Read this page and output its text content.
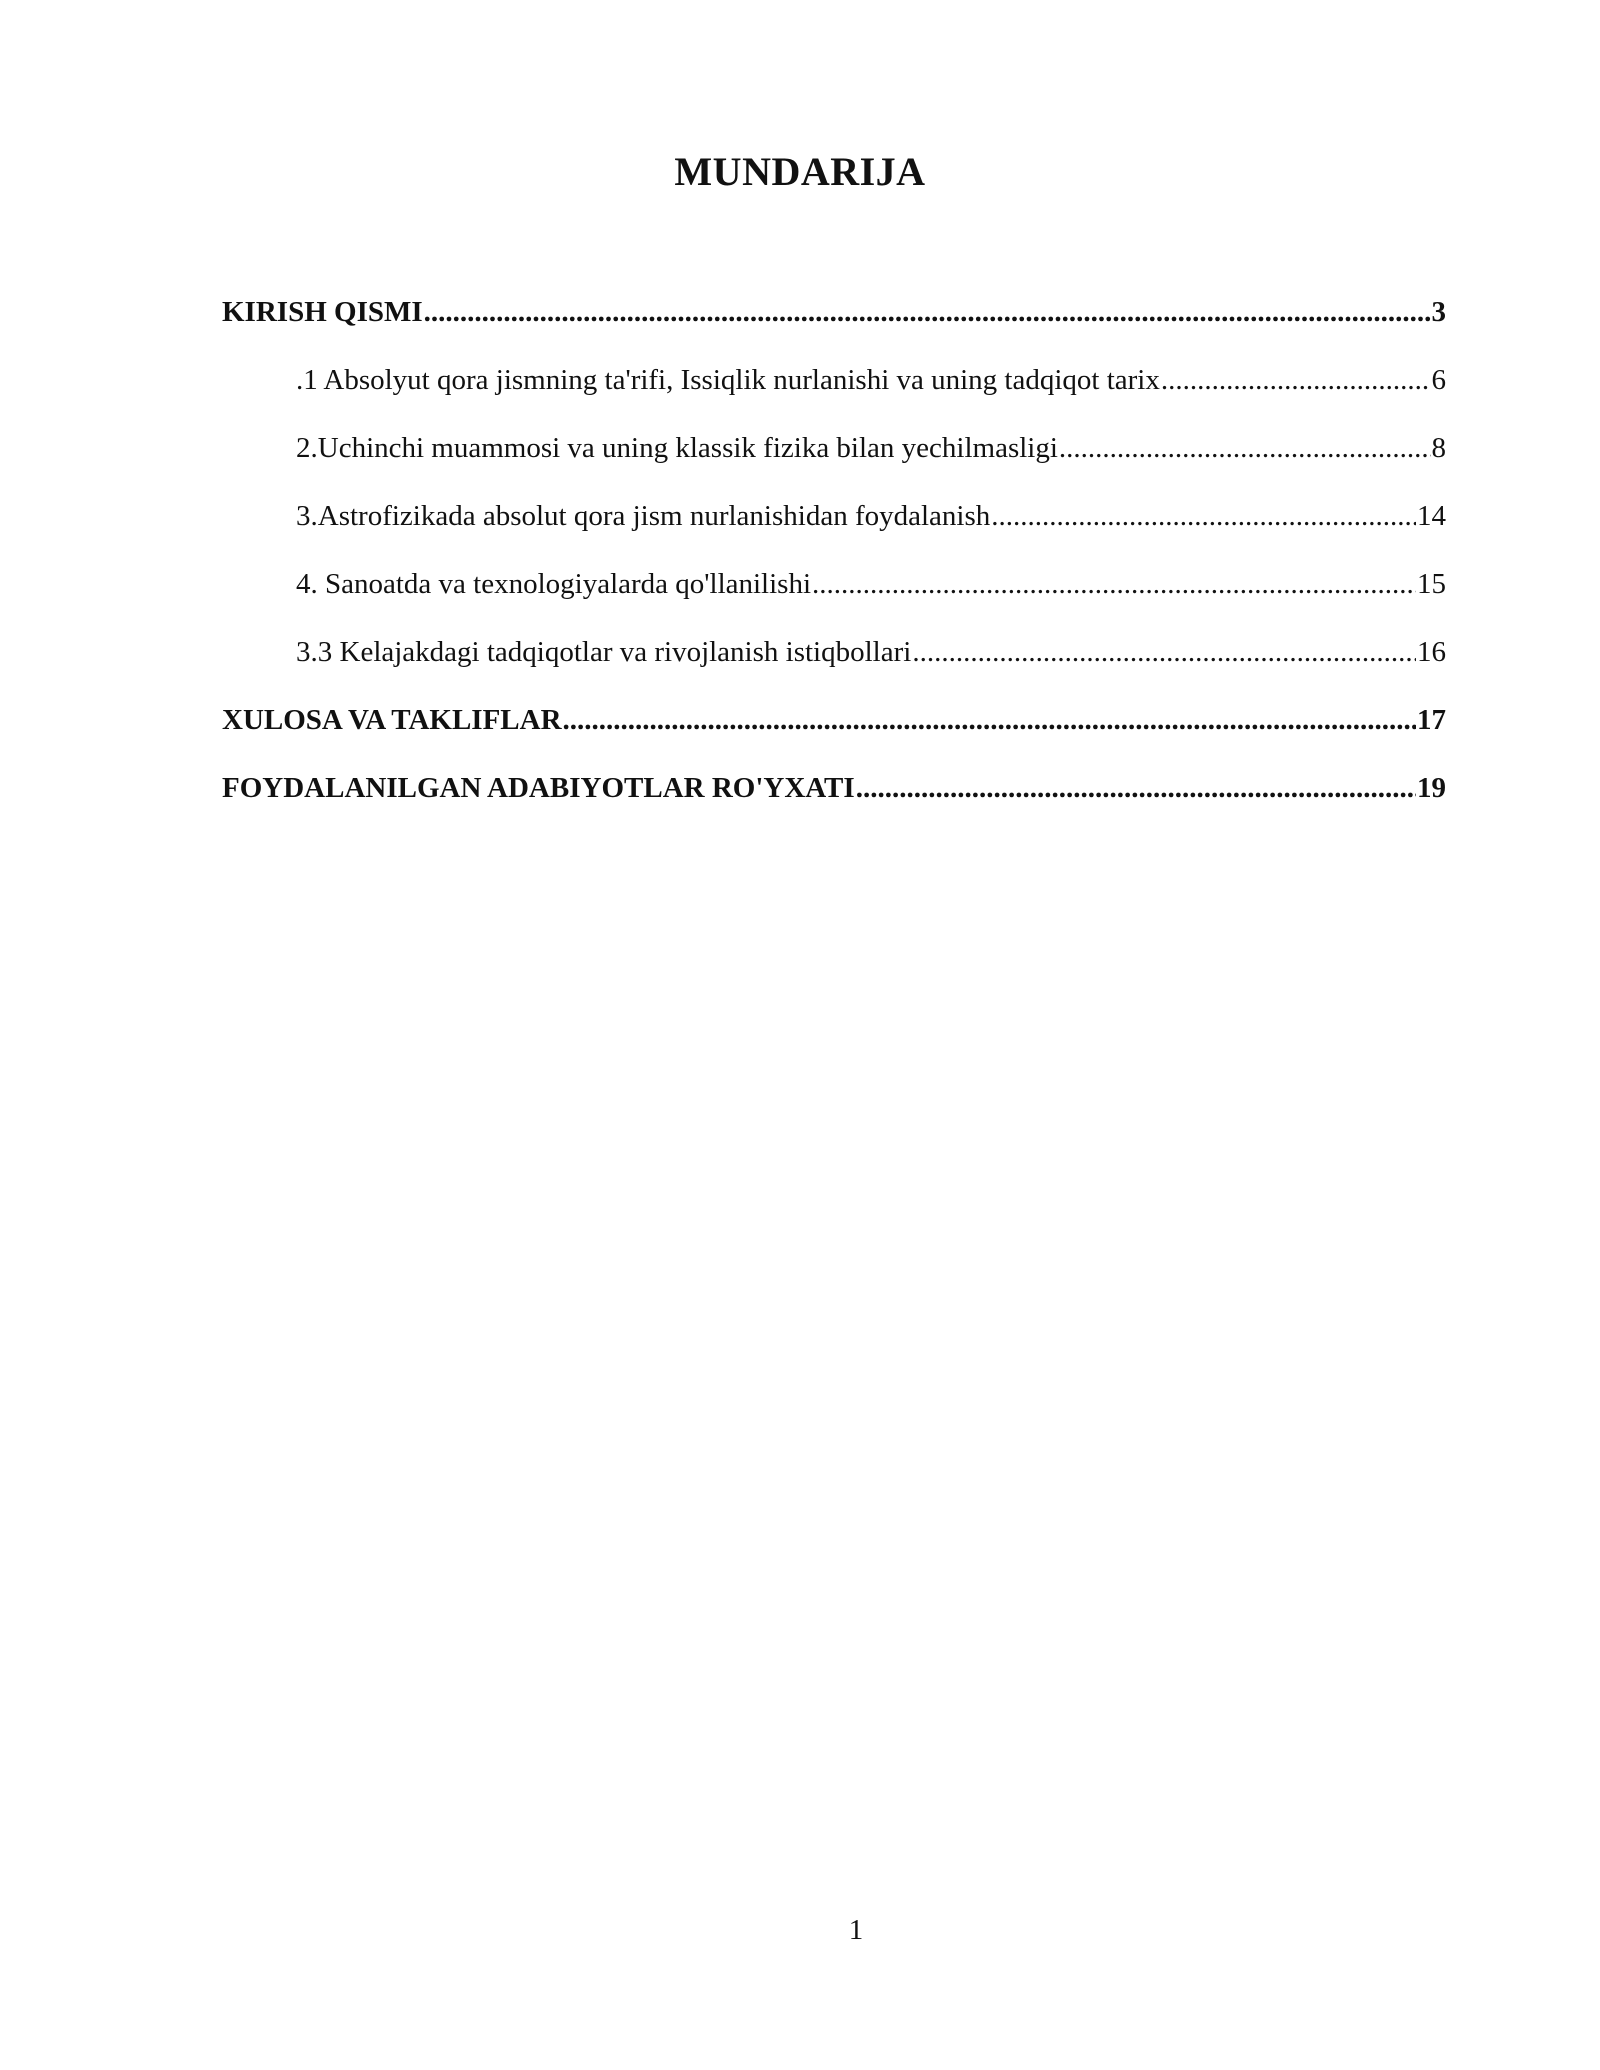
MUNDARIJA
KIRISH QISMI .....	3
.1 Absolyut qora jismning ta'rifi, Issiqlik nurlanishi va uning tadqiqot tarix .....	6
2.Uchinchi muammosi va uning klassik fizika bilan yechilmasligi .....	8
3.Astrofizikada absolut qora jism nurlanishidan foydalanish .....	14
4. Sanoatda va texnologiyalarda qo'llanilishi .....	15
3.3 Kelajakdagi tadqiqotlar va rivojlanish istiqbollari .....	16
XULOSA VA TAKLIFLAR .....	17
FOYDALANILGAN ADABIYOTLAR RO'YXATI .....	19
1
